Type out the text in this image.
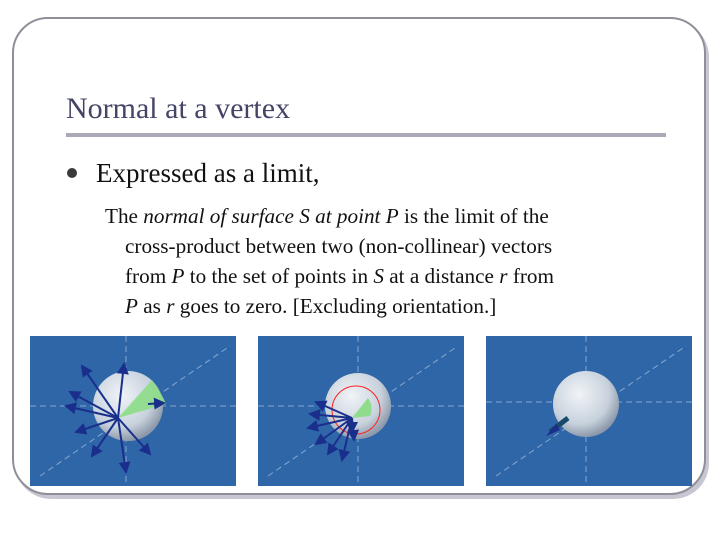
Normal at a vertex
Expressed as a limit,
The normal of surface S at point P is the limit of the
cross-product between two (non-collinear) vectors
from P to the set of points in S at a distance r from
P as r goes to zero. [Excluding orientation.]
